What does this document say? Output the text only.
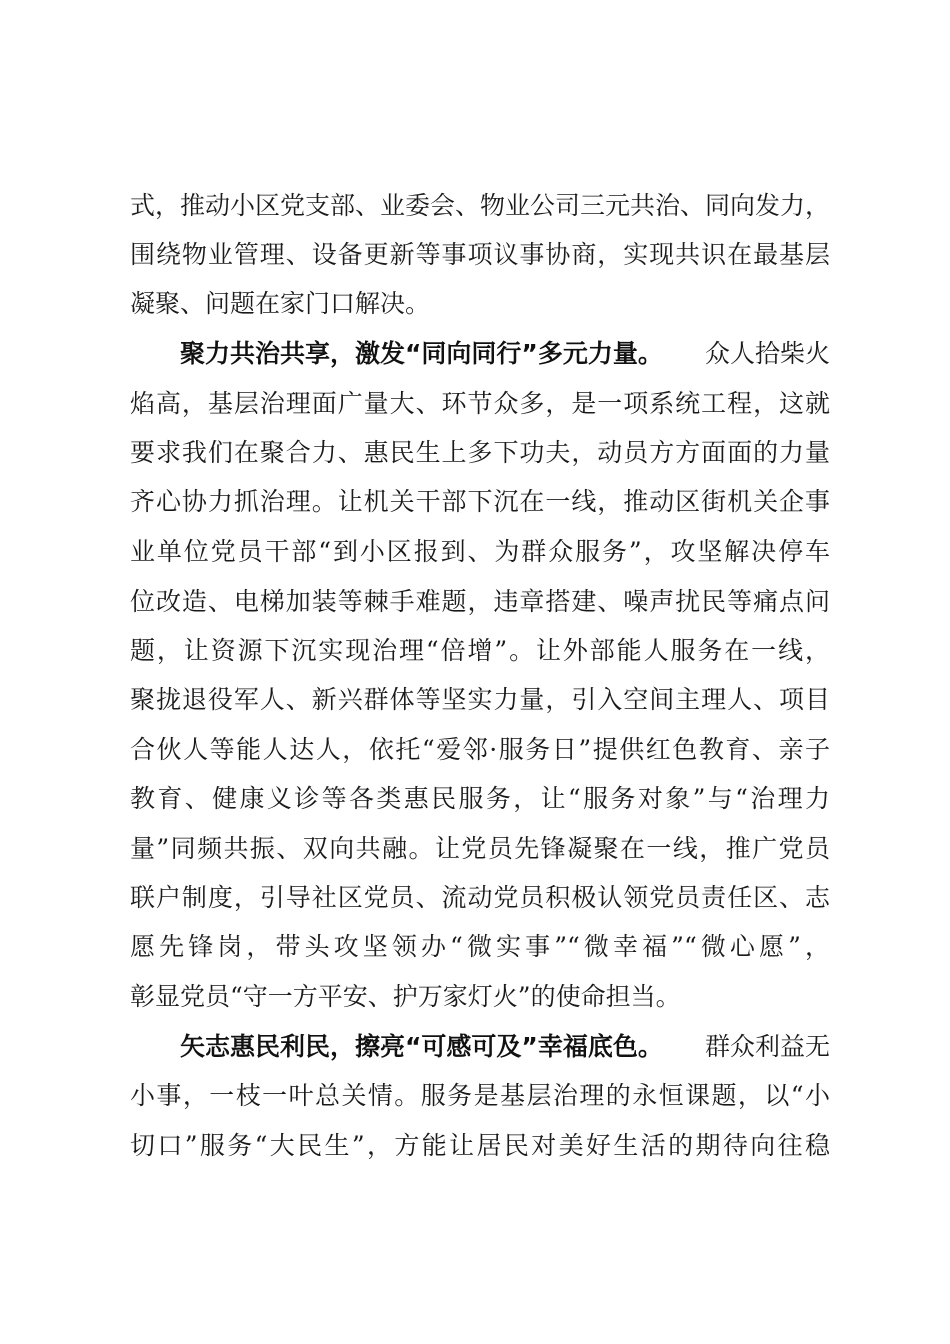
式，推动小区党支部、业委会、物业公司三元共治、同向发力，
围绕物业管理、设备更新等事项议事协商，实现共识在最基层
凝聚、问题在家门口解决。
聚力共治共享，激发“同向同行”多元力量。 众人拾柴火
焰高，基层治理面广量大、环节众多，是一项系统工程，这就
要求我们在聚合力、惠民生上多下功夫，动员方方面面的力量
齐心协力抓治理。让机关干部下沉在一线，推动区街机关企事
业单位党员干部“到小区报到、为群众服务”，攻坚解决停车
位改造、电梯加装等棘手难题，违章搭建、噪声扰民等痛点问
题，让资源下沉实现治理“倍增”。让外部能人服务在一线，
聚拢退役军人、新兴群体等坚实力量，引入空间主理人、项目
合伙人等能人达人，依托“爱邻·服务日”提供红色教育、亲子
教育、健康义诊等各类惠民服务，让“服务对象”与“治理力
量”同频共振、双向共融。让党员先锋凝聚在一线，推广党员
联户制度，引导社区党员、流动党员积极认领党员责任区、志
愿先锋岗，带头攻坚领办“微实事”“微幸福”“微心愿”，
彰显党员“守一方平安、护万家灯火”的使命担当。
矢志惠民利民，擦亮“可感可及”幸福底色。 群众利益无
小事，一枝一叶总关情。服务是基层治理的永恒课题，以“小
切口”服务“大民生”，方能让居民对美好生活的期待向往稳
